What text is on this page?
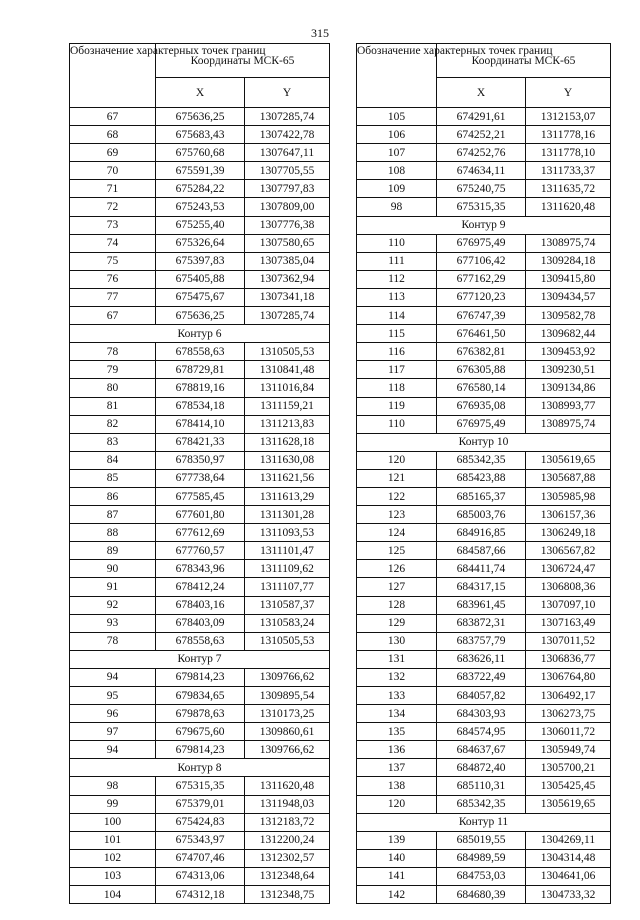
315
Обозначение характерных точек границ	Координаты МСК-65	
	X	Y
67	675636,25	1307285,74
68	675683,43	1307422,78
69	675760,68	1307647,11
70	675591,39	1307705,55
71	675284,22	1307797,83
72	675243,53	1307809,00
73	675255,40	1307776,38
74	675326,64	1307580,65
75	675397,83	1307385,04
76	675405,88	1307362,94
77	675475,67	1307341,18
67	675636,25	1307285,74
Контур 6		
78	678558,63	1310505,53
79	678729,81	1310841,48
80	678819,16	1311016,84
81	678534,18	1311159,21
82	678414,10	1311213,83
83	678421,33	1311628,18
84	678350,97	1311630,08
85	677738,64	1311621,56
86	677585,45	1311613,29
87	677601,80	1311301,28
88	677612,69	1311093,53
89	677760,57	1311101,47
90	678343,96	1311109,62
91	678412,24	1311107,77
92	678403,16	1310587,37
93	678403,09	1310583,24
78	678558,63	1310505,53
Контур 7		
94	679814,23	1309766,62
95	679834,65	1309895,54
96	679878,63	1310173,25
97	679675,60	1309860,61
94	679814,23	1309766,62
Контур 8		
98	675315,35	1311620,48
99	675379,01	1311948,03
100	675424,83	1312183,72
101	675343,97	1312200,24
102	674707,46	1312302,57
103	674313,06	1312348,64
104	674312,18	1312348,75
Обозначение характерных точек границ	Координаты МСК-65	
	X	Y
105	674291,61	1312153,07
106	674252,21	1311778,16
107	674252,76	1311778,10
108	674634,11	1311733,37
109	675240,75	1311635,72
98	675315,35	1311620,48
Контур 9		
110	676975,49	1308975,74
111	677106,42	1309284,18
112	677162,29	1309415,80
113	677120,23	1309434,57
114	676747,39	1309582,78
115	676461,50	1309682,44
116	676382,81	1309453,92
117	676305,88	1309230,51
118	676580,14	1309134,86
119	676935,08	1308993,77
110	676975,49	1308975,74
Контур 10		
120	685342,35	1305619,65
121	685423,88	1305687,88
122	685165,37	1305985,98
123	685003,76	1306157,36
124	684916,85	1306249,18
125	684587,66	1306567,82
126	684411,74	1306724,47
127	684317,15	1306808,36
128	683961,45	1307097,10
129	683872,31	1307163,49
130	683757,79	1307011,52
131	683626,11	1306836,77
132	683722,49	1306764,80
133	684057,82	1306492,17
134	684303,93	1306273,75
135	684574,95	1306011,72
136	684637,67	1305949,74
137	684872,40	1305700,21
138	685110,31	1305425,45
120	685342,35	1305619,65
Контур 11		
139	685019,55	1304269,11
140	684989,59	1304314,48
141	684753,03	1304641,06
142	684680,39	1304733,32
